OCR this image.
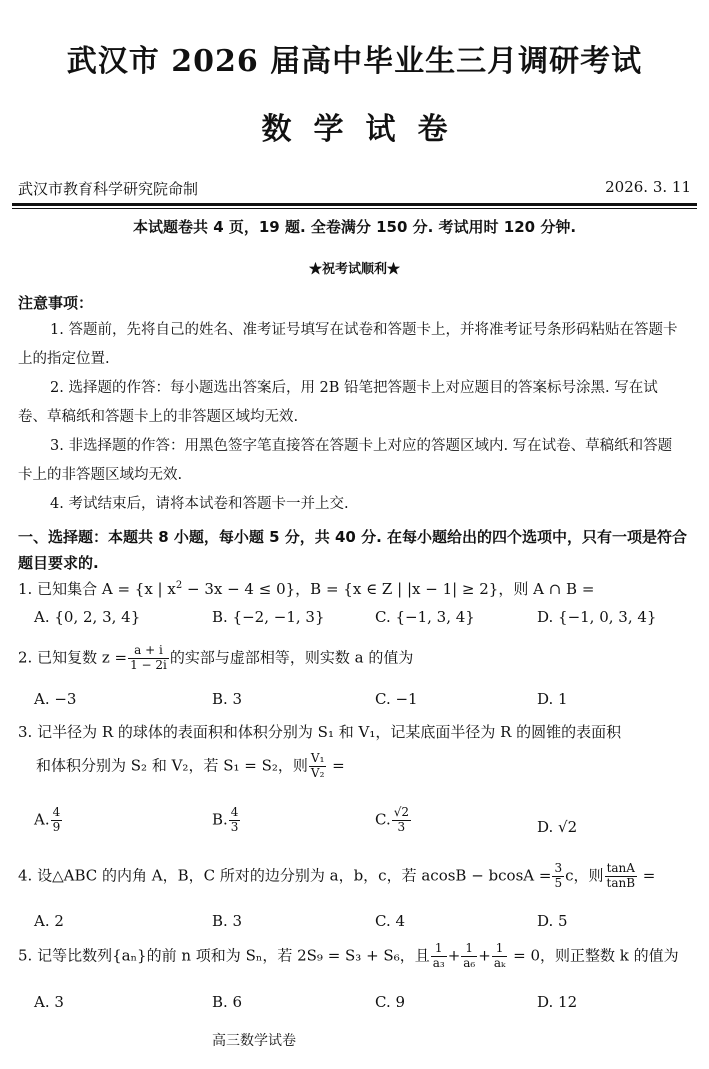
武汉市 2026 届高中毕业生三月调研考试
数学试卷
武汉市教育科学研究院命制	2026. 3. 11
本试题卷共 4 页，19 题. 全卷满分 150 分. 考试用时 120 分钟.
★祝考试顺利★
注意事项：
1. 答题前，先将自己的姓名、准考证号填写在试卷和答题卡上，并将准考证号条形码粘贴在答题卡上的指定位置.
2. 选择题的作答：每小题选出答案后，用 2B 铅笔把答题卡上对应题目的答案标号涂黑. 写在试卷、草稿纸和答题卡上的非答题区域均无效.
3. 非选择题的作答：用黑色签字笔直接答在答题卡上对应的答题区域内. 写在试卷、草稿纸和答题卡上的非答题区域均无效.
4. 考试结束后，请将本试卷和答题卡一并上交.
一、选择题：本题共 8 小题，每小题 5 分，共 40 分. 在每小题给出的四个选项中，只有一项是符合题目要求的.
1. 已知集合 A = {x | $x^2 - 3x - 4 \le 0$}，B = {x ∈ Z | |x − 1| ≥ 2}，则 A ∩ B =
A. {0, 2, 3, 4}	B. {−2, −1, 3}	C. {−1, 3, 4}	D. {−1, 0, 3, 4}
2. 已知复数 $z = \frac{a + i}{1 - 2i}$ 的实部与虚部相等，则实数 a 的值为
A. −3	B. 3	C. −1	D. 1
3. 记半径为 R 的球体的表面积和体积分别为 S₁ 和 V₁，记某底面半径为 R 的圆锥的表面积
和体积分别为 S₂ 和 V₂，若 S₁ = S₂，则 $\frac{\text{V₁}}{\text{V₂}}$ =
A. $\frac{4}{9}$	B. $\frac{4}{3}$	C. $\frac{√2}{3}$	D. √2
4. 设△ABC 的内角 A，B，C 所对的边分别为 a，b，c，若 $acosB - bcosA = \frac{3}{5}$ c，则 $\frac{\tan A}{\tan B}$ =
A. 2	B. 3	C. 4	D. 5
5. 记等比数列{aₙ}的前 n 项和为 Sₙ，若 2S₉ = S₃ + S₆，且 $\frac{1}{\text{a₃}} + \frac{1}{\text{a₆}} + \frac{1}{\text{aₖ}} = 0$，则正整数 k 的值为
A. 3	B. 6	C. 9	D. 12
高三数学试卷
